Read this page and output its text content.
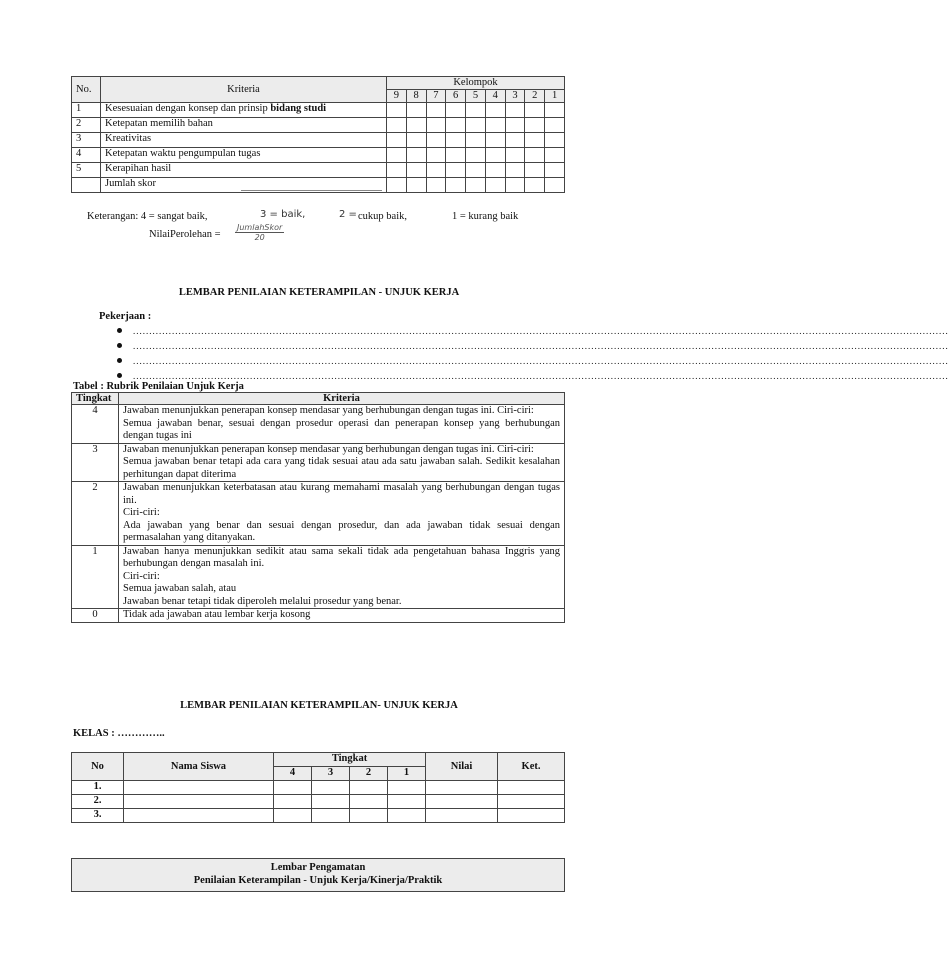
No.	Kriteria	Kelompok								
		9	8	7	6	5	4	3	2	1
1	Kesesuaian dengan konsep dan prinsip bidang studi									
2	Ketepatan memilih bahan									
3	Kreativitas									
4	Ketepatan waktu pengumpulan tugas									
5	Kerapihan hasil									
	Jumlah skor

Keterangan: 4 = sangat baik,	3 = baik,	2 = cukup baik,	1 = kurang baik
NilaiPerolehan =
JumlahSkor
20
LEMBAR PENILAIAN KETERAMPILAN - UNJUK KERJA
Pekerjaan :
...........................................................................................................................................................................................................................................................
...........................................................................................................................................................................................................................................................
...........................................................................................................................................................................................................................................................
...........................................................................................................................................................................................................................................................
Tabel : Rubrik Penilaian Unjuk Kerja
Tingkat	Kriteria
4	Jawaban menunjukkan penerapan konsep mendasar yang berhubungan dengan tugas ini. Ciri-ciri:
Semua jawaban benar, sesuai dengan prosedur operasi dan penerapan konsep yang berhubungan dengan tugas ini

3	Jawaban menunjukkan penerapan konsep mendasar yang berhubungan dengan tugas ini. Ciri-ciri:
Semua jawaban benar tetapi ada cara yang tidak sesuai atau ada satu jawaban salah. Sedikit kesalahan perhitungan dapat diterima

2	Jawaban menunjukkan keterbatasan atau kurang memahami masalah yang berhubungan dengan tugas ini.
Ciri-ciri:
Ada jawaban yang benar dan sesuai dengan prosedur, dan ada jawaban tidak sesuai dengan permasalahan yang ditanyakan.

1	Jawaban hanya menunjukkan sedikit atau sama sekali tidak ada pengetahuan bahasa Inggris yang berhubungan dengan masalah ini.
Ciri-ciri:
Semua jawaban salah, atau
Jawaban benar tetapi tidak diperoleh melalui prosedur yang benar.

0	Tidak ada jawaban atau lembar kerja kosong
LEMBAR PENILAIAN KETERAMPILAN- UNJUK KERJA
KELAS : …………..
No	Nama Siswa	Tingkat				Nilai	Ket.
		4	3	2	1		
1.							
2.							
3.							
Lembar Pengamatan
Penilaian Keterampilan - Unjuk Kerja/Kinerja/Praktik
